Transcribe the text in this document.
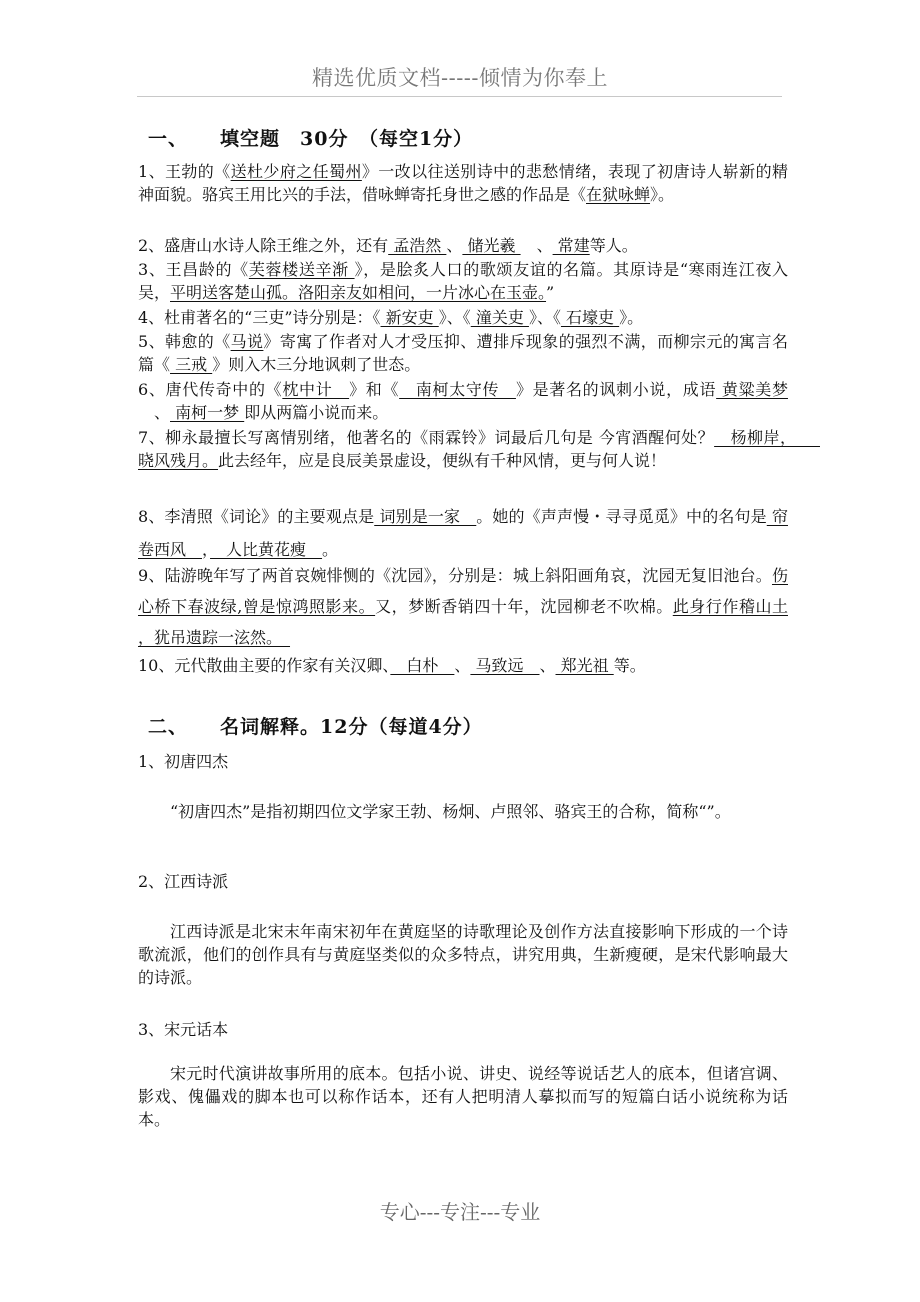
精选优质文档-----倾情为你奉上
一、 填空题　30分　（每空1分）
1、王勃的《送杜少府之任蜀州》一改以往送别诗中的悲愁情绪，表现了初唐诗人崭新的精神面貌。骆宾王用比兴的手法，借咏蝉寄托身世之感的作品是《在狱咏蝉》。
2、盛唐山水诗人除王维之外，还有 孟浩然 、 储光羲 　、 常建等人。
3、王昌龄的《芙蓉楼送辛渐 》，是脍炙人口的歌颂友谊的名篇。其原诗是“寒雨连江夜入吴，平明送客楚山孤。洛阳亲友如相问，一片冰心在玉壶。”
4、杜甫著名的“三吏”诗分别是：《 新安吏 》、《 潼关吏 》、《 石壕吏 》。
5、韩愈的《马说》寄寓了作者对人才受压抑、遭排斥现象的强烈不满，而柳宗元的寓言名篇《 三戒 》则入木三分地讽刺了世态。
6、唐代传奇中的《枕中计　》和《　南柯太守传　》是著名的讽刺小说，成语 黄粱美梦 　、 南柯一梦 即从两篇小说而来。
7、柳永最擅长写离情别绪，他著名的《雨霖铃》词最后几句是 今宵酒醒何处？　杨柳岸，　　晓风残月。此去经年，应是良辰美景虚设，便纵有千种风情，更与何人说！
8、李清照《词论》的主要观点是 词别是一家　。她的《声声慢・寻寻觅觅》中的名句是 帘卷西风　，　人比黄花瘦　。
9、陆游晚年写了两首哀婉悱恻的《沈园》，分别是：城上斜阳画角哀，沈园无复旧池台。伤心桥下春波绿,曾是惊鸿照影来。又，梦断香销四十年，沈园柳老不吹棉。此身行作稽山土 ，犹吊遗踪一泫然。　
10、元代散曲主要的作家有关汉卿、　白朴　、 马致远　、 郑光祖 等。
二、 名词解释。12分（每道4分）
1、初唐四杰
“初唐四杰”是指初期四位文学家王勃、杨炯、卢照邻、骆宾王的合称，简称“”。
2、江西诗派
江西诗派是北宋末年南宋初年在黄庭坚的诗歌理论及创作方法直接影响下形成的一个诗歌流派，他们的创作具有与黄庭坚类似的众多特点，讲究用典，生新瘦硬，是宋代影响最大的诗派。
3、宋元话本
宋元时代演讲故事所用的底本。包括小说、讲史、说经等说话艺人的底本，但诸宫调、影戏、傀儡戏的脚本也可以称作话本，还有人把明清人摹拟而写的短篇白话小说统称为话本。
专心---专注---专业
